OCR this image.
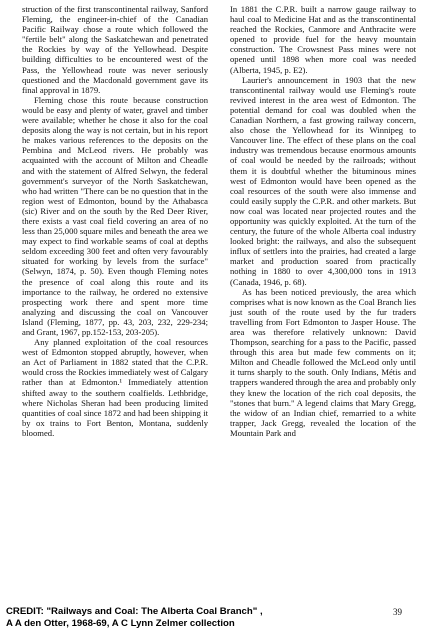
struction of the first transcontinental railway, Sanford Fleming, the engineer-in-chief of the Canadian Pacific Railway chose a route which followed the "fertile belt" along the Saskatchewan and penetrated the Rockies by way of the Yellowhead. Despite building difficulties to be encountered west of the Pass, the Yellowhead route was never seriously questioned and the Macdonald government gave its final approval in 1879.

Fleming chose this route because construction would be easy and plenty of water, gravel and timber were available; whether he chose it also for the coal deposits along the way is not certain, but in his report he makes various references to the deposits on the Pembina and McLeod rivers. He probably was acquainted with the account of Milton and Cheadle and with the statement of Alfred Selwyn, the federal government's surveyor of the North Saskatchewan, who had written "There can be no question that in the region west of Edmonton, bound by the Athabasca (sic) River and on the south by the Red Deer River, there exists a vast coal field covering an area of no less than 25,000 square miles and beneath the area we may expect to find workable seams of coal at depths seldom exceeding 300 feet and often very favourably situated for working by levels from the surface" (Selwyn, 1874, p. 50). Even though Fleming notes the presence of coal along this route and its importance to the railway, he ordered no extensive prospecting work there and spent more time analyzing and discussing the coal on Vancouver Island (Fleming, 1877, pp. 43, 203, 232, 229-234; and Grant, 1967, pp.152-153, 203-205).

Any planned exploitation of the coal resources west of Edmonton stopped abruptly, however, when an Act of Parliament in 1882 stated that the C.P.R. would cross the Rockies immediately west of Calgary rather than at Edmonton.¹ Immediately attention shifted away to the southern coalfields. Lethbridge, where Nicholas Sheran had been producing limited quantities of coal since 1872 and had been shipping it by ox trains to Fort Benton, Montana, suddenly bloomed.

In 1881 the C.P.R. built a narrow gauge railway to haul coal to Medicine Hat and as the transcontinental reached the Rockies, Canmore and Anthracite were opened to provide fuel for the heavy mountain construction. The Crowsnest Pass mines were not opened until 1898 when more coal was needed (Alberta, 1945, p. E2).

Laurier's announcement in 1903 that the new transcontinental railway would use Fleming's route revived interest in the area west of Edmonton. The potential demand for coal was doubled when the Canadian Northern, a fast growing railway concern, also chose the Yellowhead for its Winnipeg to Vancouver line. The effect of these plans on the coal industry was tremendous because enormous amounts of coal would be needed by the railroads; without them it is doubtful whether the bituminous mines west of Edmonton would have been opened as the coal resources of the south were also immense and could easily supply the C.P.R. and other markets. But now coal was located near projected routes and the opportunity was quickly exploited. At the turn of the century, the future of the whole Alberta coal industry looked bright: the railways, and also the subsequent influx of settlers into the prairies, had created a large market and production soared from practically nothing in 1880 to over 4,300,000 tons in 1913 (Canada, 1946, p. 68).

As has been noticed previously, the area which comprises what is now known as the Coal Branch lies just south of the route used by the fur traders travelling from Fort Edmonton to Jasper House. The area was therefore relatively unknown: David Thompson, searching for a pass to the Pacific, passed through this area but made few comments on it; Milton and Cheadle followed the McLeod only until it turns sharply to the south. Only Indians, Métis and trappers wandered through the area and probably only they knew the location of the rich coal deposits, the "stones that burn." A legend claims that Mary Gregg, the widow of an Indian chief, remarried to a white trapper, Jack Gregg, revealed the location of the Mountain Park and

CREDIT: "Railways and Coal: The Alberta Coal Branch" ,
A A den Otter, 1968-69, A C Lynn Zelmer collection
39
